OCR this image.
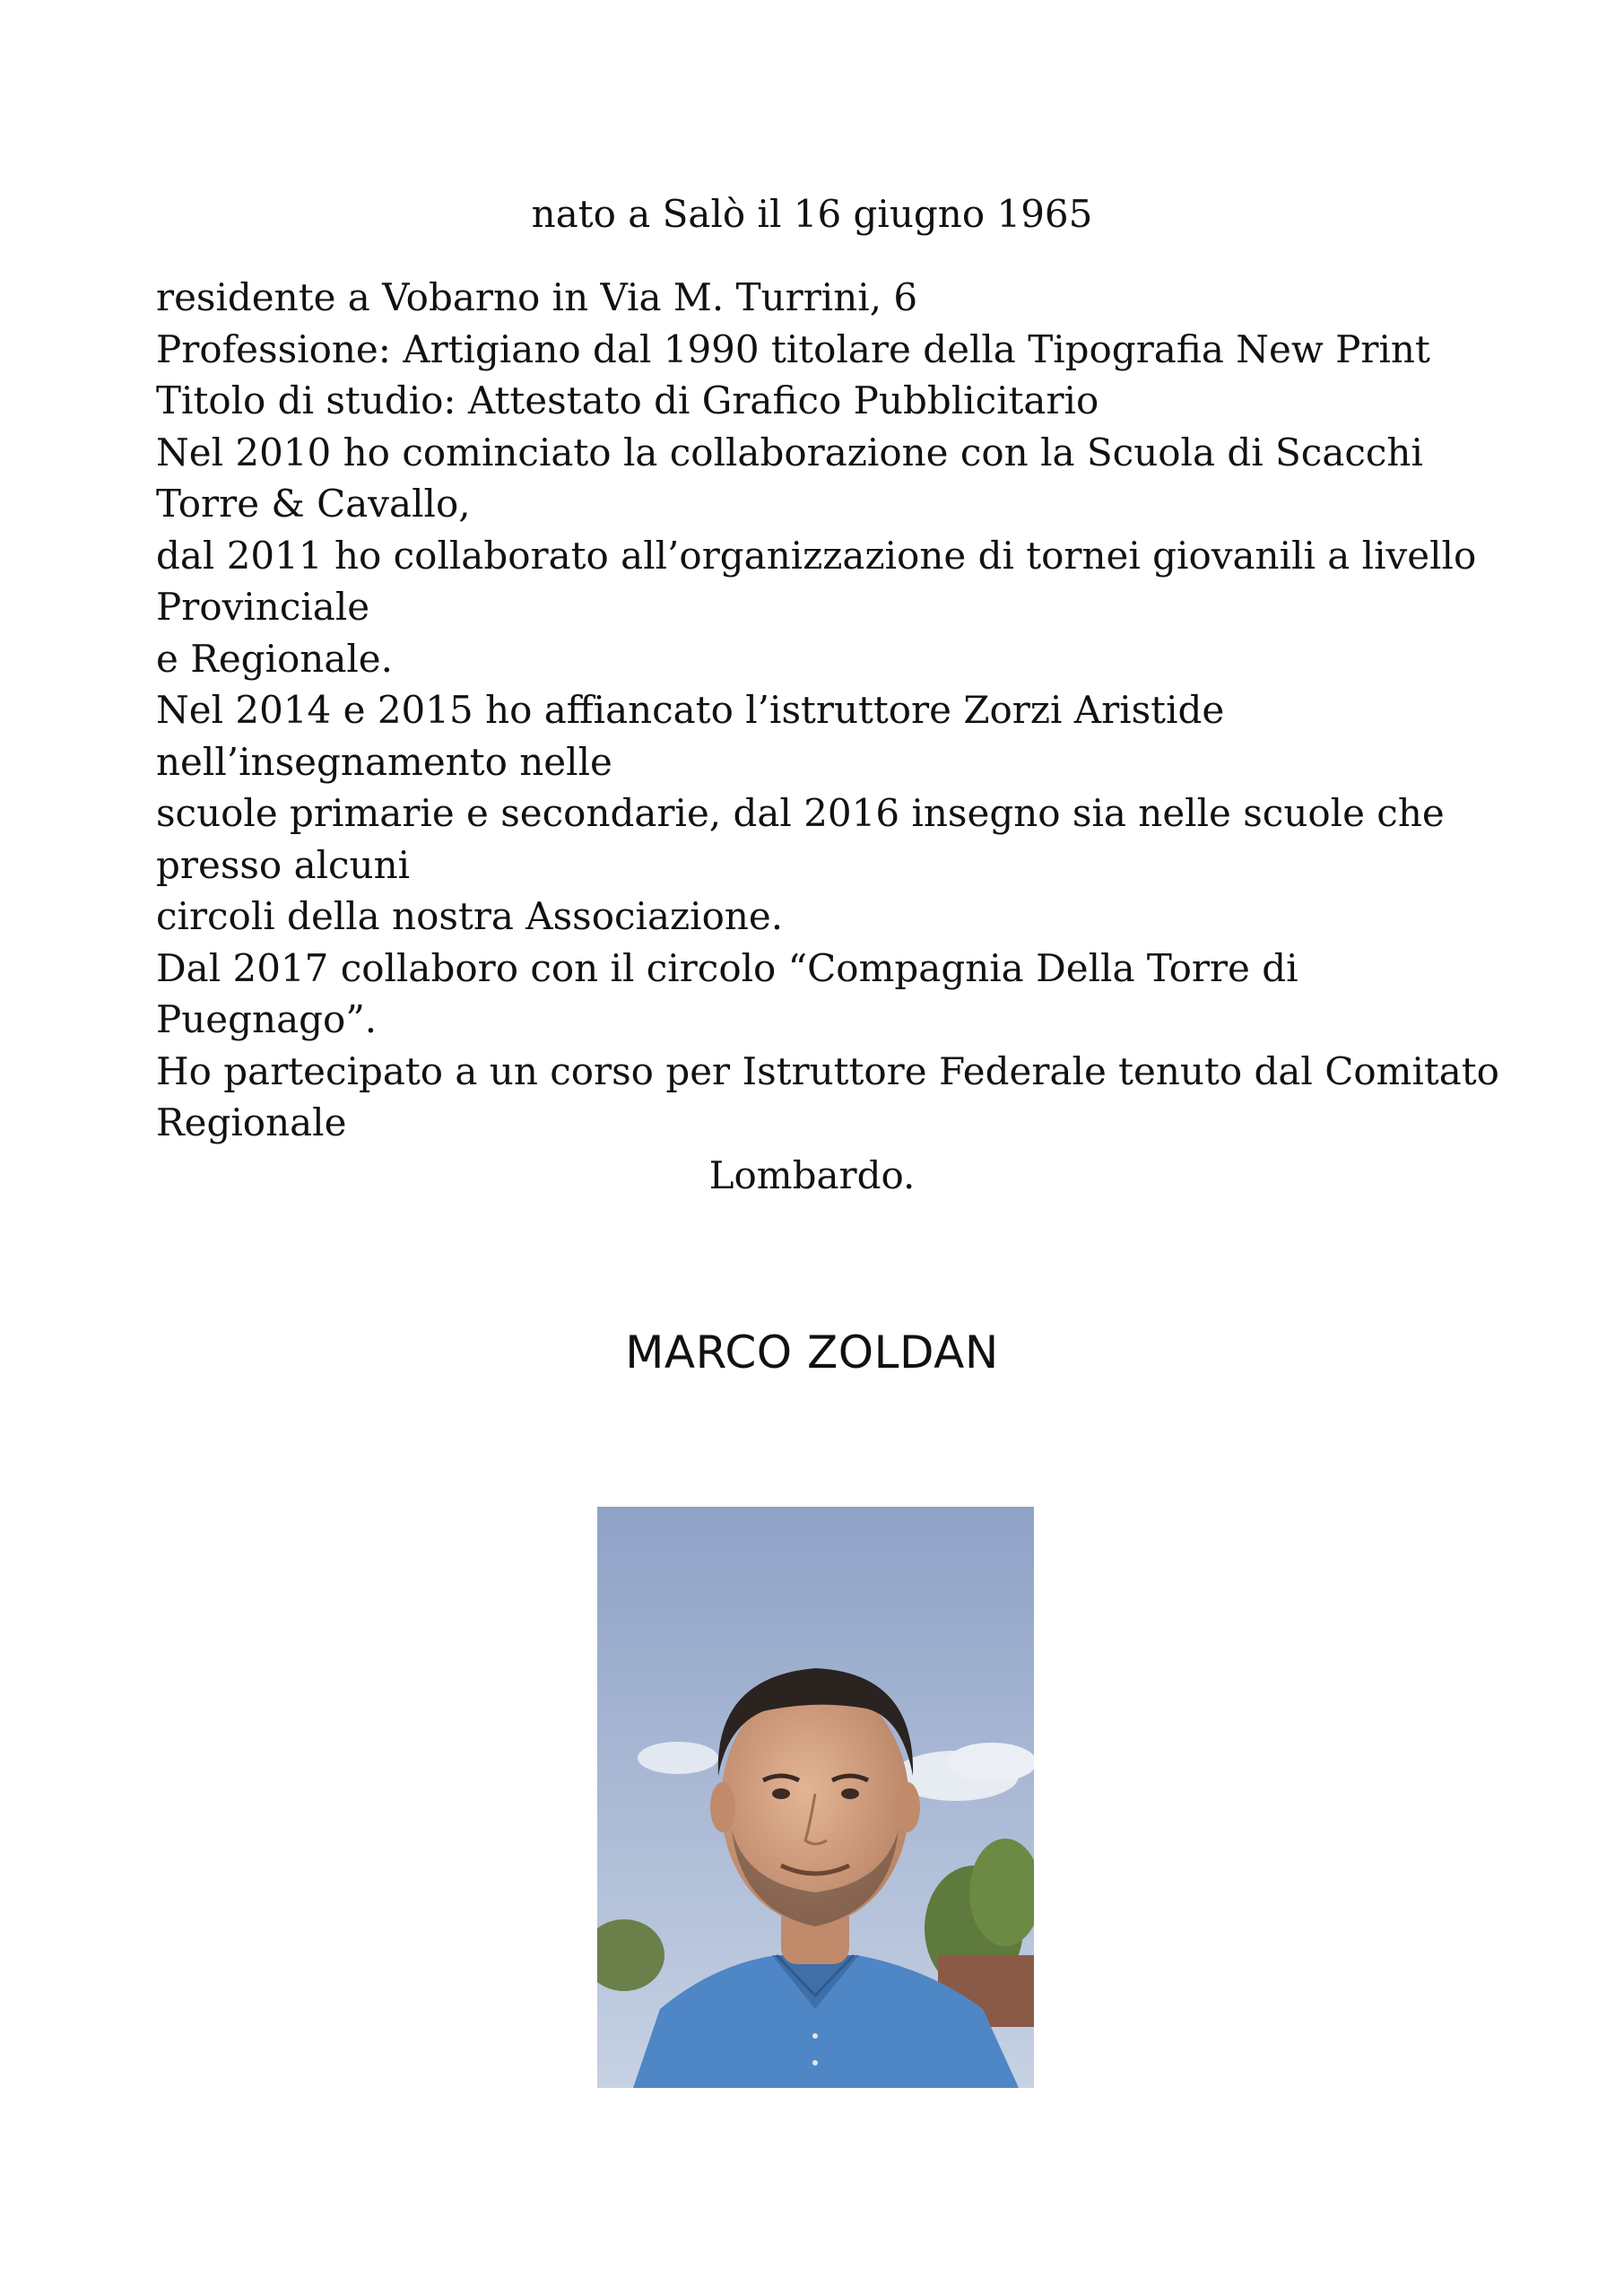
nato a Salò il 16 giugno 1965
residente a Vobarno in Via M. Turrini, 6
Professione: Artigiano dal 1990 titolare della Tipografia New Print
Titolo di studio: Attestato di Grafico Pubblicitario
Nel 2010 ho cominciato la collaborazione con la Scuola di Scacchi
Torre & Cavallo,
dal 2011 ho collaborato all’organizzazione di tornei giovanili a livello
Provinciale
e Regionale.
Nel 2014 e 2015 ho affiancato l’istruttore Zorzi Aristide
nell’insegnamento nelle
scuole primarie e secondarie, dal 2016 insegno sia nelle scuole che
presso alcuni
circoli della nostra Associazione.
Dal 2017 collaboro con il circolo “Compagnia Della Torre di
Puegnago”.
Ho partecipato a un corso per Istruttore Federale tenuto dal Comitato
Regionale
Lombardo.
MARCO ZOLDAN
